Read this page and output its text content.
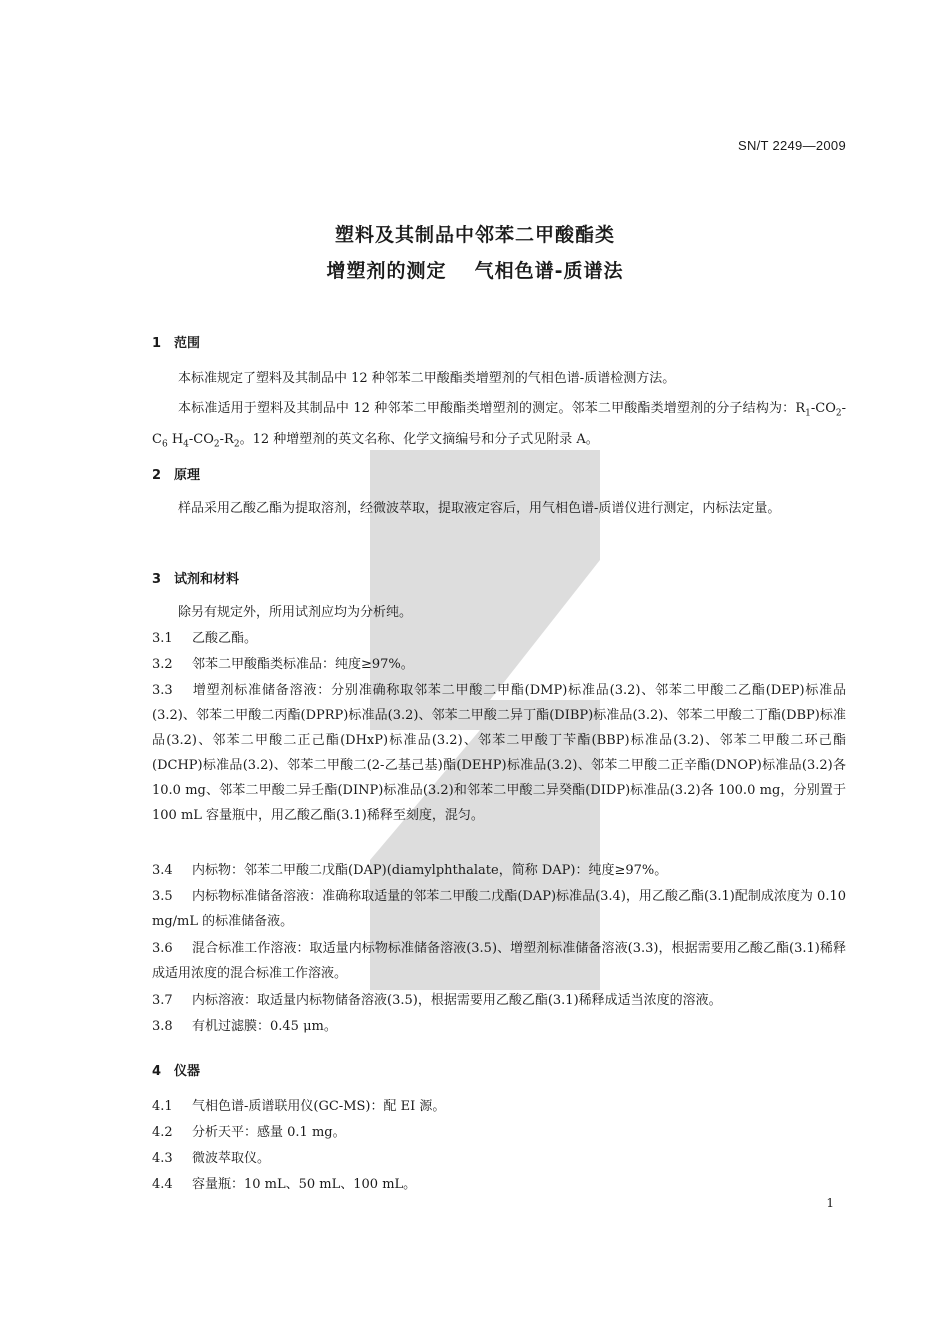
SN/T 2249—2009
塑料及其制品中邻苯二甲酸酯类
增塑剂的测定 气相色谱-质谱法
1 范围
本标准规定了塑料及其制品中 12 种邻苯二甲酸酯类增塑剂的气相色谱-质谱检测方法。
本标准适用于塑料及其制品中 12 种邻苯二甲酸酯类增塑剂的测定。邻苯二甲酸酯类增塑剂的分子结构为：$R_1-CO_2-C_6$ $H_4-CO_2-R_2$。12 种增塑剂的英文名称、化学文摘编号和分子式见附录 A。
2 原理
样品采用乙酸乙酯为提取溶剂，经微波萃取，提取液定容后，用气相色谱-质谱仪进行测定，内标法定量。
3 试剂和材料
除另有规定外，所用试剂应均为分析纯。
3.1 乙酸乙酯。
3.2 邻苯二甲酸酯类标准品：纯度≥97%。
3.3 增塑剂标准储备溶液：分别准确称取邻苯二甲酸二甲酯(DMP)标准品(3.2)、邻苯二甲酸二乙酯(DEP)标准品(3.2)、邻苯二甲酸二丙酯(DPRP)标准品(3.2)、邻苯二甲酸二异丁酯(DIBP)标准品(3.2)、邻苯二甲酸二丁酯(DBP)标准品(3.2)、邻苯二甲酸二正己酯(DHxP)标准品(3.2)、邻苯二甲酸丁苄酯(BBP)标准品(3.2)、邻苯二甲酸二环己酯(DCHP)标准品(3.2)、邻苯二甲酸二(2-乙基己基)酯(DEHP)标准品(3.2)、邻苯二甲酸二正辛酯(DNOP)标准品(3.2)各 10.0 mg、邻苯二甲酸二异壬酯(DINP)标准品(3.2)和邻苯二甲酸二异癸酯(DIDP)标准品(3.2)各 100.0 mg，分别置于 100 mL 容量瓶中，用乙酸乙酯(3.1)稀释至刻度，混匀。
3.4 内标物：邻苯二甲酸二戊酯(DAP)(diamylphthalate，简称 DAP)：纯度≥97%。
3.5 内标物标准储备溶液：准确称取适量的邻苯二甲酸二戊酯(DAP)标准品(3.4)，用乙酸乙酯(3.1)配制成浓度为 0.10 mg/mL 的标准储备液。
3.6 混合标准工作溶液：取适量内标物标准储备溶液(3.5)、增塑剂标准储备溶液(3.3)，根据需要用乙酸乙酯(3.1)稀释成适用浓度的混合标准工作溶液。
3.7 内标溶液：取适量内标物储备溶液(3.5)，根据需要用乙酸乙酯(3.1)稀释成适当浓度的溶液。
3.8 有机过滤膜：0.45 μm。
4 仪器
4.1 气相色谱-质谱联用仪(GC-MS)：配 EI 源。
4.2 分析天平：感量 0.1 mg。
4.3 微波萃取仪。
4.4 容量瓶：10 mL、50 mL、100 mL。
1
